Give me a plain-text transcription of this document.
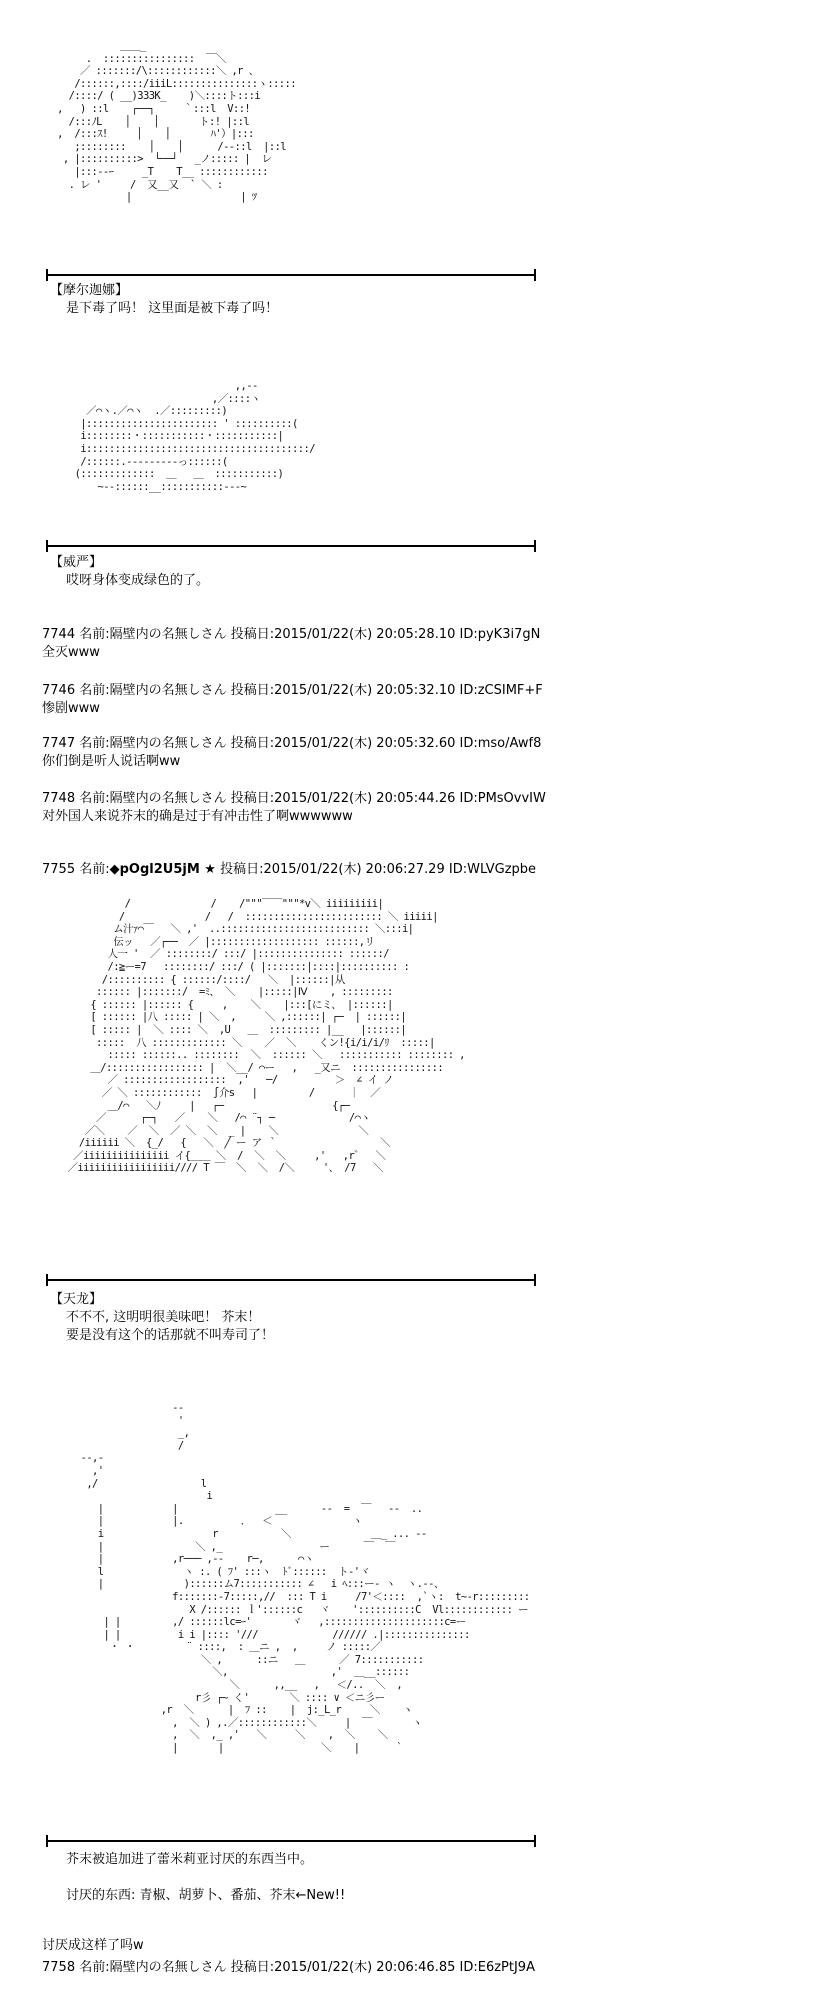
＿＿_
.  ::::::::::::::::  ￣＼
／ :::::::/\::::::::::::＼ ,r 、
/::::::,::::/iiiL:::::::::::::::ヽ:::::
/::::/ ( __)333K_    )＼::::ト:::i
,   ) ::l    ┌──┐     ｀:::l  V::!
/:::ﾉL    │    │       ト:! |::l
,  /:::ｽ!     │    │       ﾊ'）|:::
;::::::::    │    │      /--::l  |::l
, |::::::::::>  └──┘   _ノ::::: |  レ
|:::--ｰ     _T    T__ ::::::::::::
. レ '     /  又__又  ` ＼ :
|                   | ﾂ
【摩尔迦娜】
是下毒了吗！ 这里面是被下毒了吗！
,,--
,／::::ヽ
／⌒ヽ.／⌒ヽ  .／:::::::::)
|::::::::::::::::::::::: ' ::::::::::(
i::::::::・:::::::::::・:::::::::::|
i:::::::::::::::::::::::::::::::::::::::/
/::::::.---------っ::::::(
(:::::::::::::  ＿   ＿  :::::::::::)
~--::::::__:::::::::::---~
【威严】
哎呀身体变成绿色的了。
7744 名前:隔壁内の名無しさん 投稿日:2015/01/22(木) 20:05:28.10 ID:pyK3i7gN
全灭www
7746 名前:隔壁内の名無しさん 投稿日:2015/01/22(木) 20:05:32.10 ID:zCSIMF+F
惨剧www
7747 名前:隔壁内の名無しさん 投稿日:2015/01/22(木) 20:05:32.60 ID:mso/Awf8
你们倒是听人说话啊ww
7748 名前:隔壁内の名無しさん 投稿日:2015/01/22(木) 20:05:44.26 ID:PMsOvvIW
对外国人来说芥末的确是过于有冲击性了啊wwwwww
7755 名前:◆pOgl2U5jM ★ 投稿日:2015/01/22(木) 20:06:27.29 ID:WLVGzpbe
/              /    /"""￣￣"""*v＼ iiiiiiiii|
/              /   /  :::::::::::::::::::::::: ＼ iiiii|
ム汁ｧ⌒￣   ＼ ,'  ..:::::::::::::::::::::::::: ＼:::i|
伝ッ   ／┌──  ／ |::::::::::::::::::: ::::::,リ
人一 '  ／ ::::::::/ :::/ |::::::::::::::: ::::::/
/:≧ー=7   ::::::::/ :::/ ( |:::::::|::::|:::::::::: :
/:::::::::: { ::::::/::::/   ＼  |::::::|从
:::::: |:::::::/  =ﾐ、 ＼    |:::::|Ⅳ    , :::::::::
{ :::::: |:::::: {     ,    ＼    |:::[にミ、 |::::::|
[ :::::: |八 ::::: | ＼  ,     ＼ ,::::::| ┌─  | ::::::|
[ ::::: |  ＼ :::: ＼  ,U   ＿  ::::::::: |__   |::::::|
:::::  八 ::::::::::::: ＼    ／  ＼    くン!{i/i/i/ﾘ  :::::|
::::: ::::::.. ::::::::  ＼  :::::: ＼   ::::::::::: :::::::: ,
＿/::::::::::::::::: |  ＼__/ ⌒ー   ,   _又ニ  ::::::::::::::::
／ ::::::::::::::::::  ,'   ─/          ＞  ∠ イ ノ
／ ＼ ::::::::::::  ∫介s   |         /      ｜  ／
＿/⌒   ＼ﾉ     |   ┌─                   {┌─
／      ┌─┐   ／    ＼   /⌒ ¨┐ ─             /⌒ヽ
／＼    ／  ＼  ／ ＼  ＼  _ |    ＼              ＼
/iiiiii ＼  {_/   {   ＼  ╱ ー ア ｀                  ＼
／iiiiiiiiiiiiiii イ{＿＿ ＼  /  ＼  ＼     ,'   ,r゛  ＼
／iiiiiiiiiiiiiiiii//// T ￣  ＼  ＼  /＼     '、 /7   ＼
【天龙】
不不不, 这明明很美味吧！ 芥末！
要是没有这个的话那就不叫寿司了！
--
'
_,
/
--,-
,'
,/                  l
i
|            |                 __      --  =  ￣   --  ..
|            |.          ．  ＜              ヽ
i                   r           ＼              ＿_ ... ‐‐
|                ＼ ,_                 ー      ￣  ￣
|            ,r─── ,--    r─,      ⌒ヽ
l              ヽ :. ( ﾌ' :::ヽ  ﾄﾞ::::::  ト‐'ヾ
|              )::::::ム7::::::::::: ∠   i ﾍ:::ー- ヽ  ヽ.--、
f:::::::-7:::::,//  ::: T i     /7'＜::::  ,`ヽ:  t~-r:::::::::
X /:::::: ｌ'::::::c   ヾ    '::::::::::C  Vl:::::::::::: ー
| |         ,/ ::::::lc=ｰ'       ヾ   ,:::::::::::::::::::::c=ー
| |          i i |:::: '///             ////// .|:::::::::::::::
・ ・         ¨ ::::,  : ＿ニ ,  ,     ノ :::::／
＼ ,      ::ニ   ＿      ／ 7:::::::::::
＼,                  ,'  ＿__::::::
＼      ,,__   ,   ＜/..  ＼  ,
r彡 ┌~ く'       ＼ :::: ∨ ＜ニ彡ー
,r  ＼      |  ﾌ ::    |  j:_L_r     ＼    ヽ
,  ＼ ) ,.／::::::::::::＼     |  ￣       ヽ
,  ＼  ,_ ,'   ＼     ＼    ,  ＼    ＼
|       |                 ＼    |      ｀
芥末被追加进了蕾米莉亚讨厌的东西当中。
讨厌的东西: 青椒、胡萝卜、番茄、芥末←New!!
讨厌成这样了吗w
7758 名前:隔壁内の名無しさん 投稿日:2015/01/22(木) 20:06:46.85 ID:E6zPtJ9A
